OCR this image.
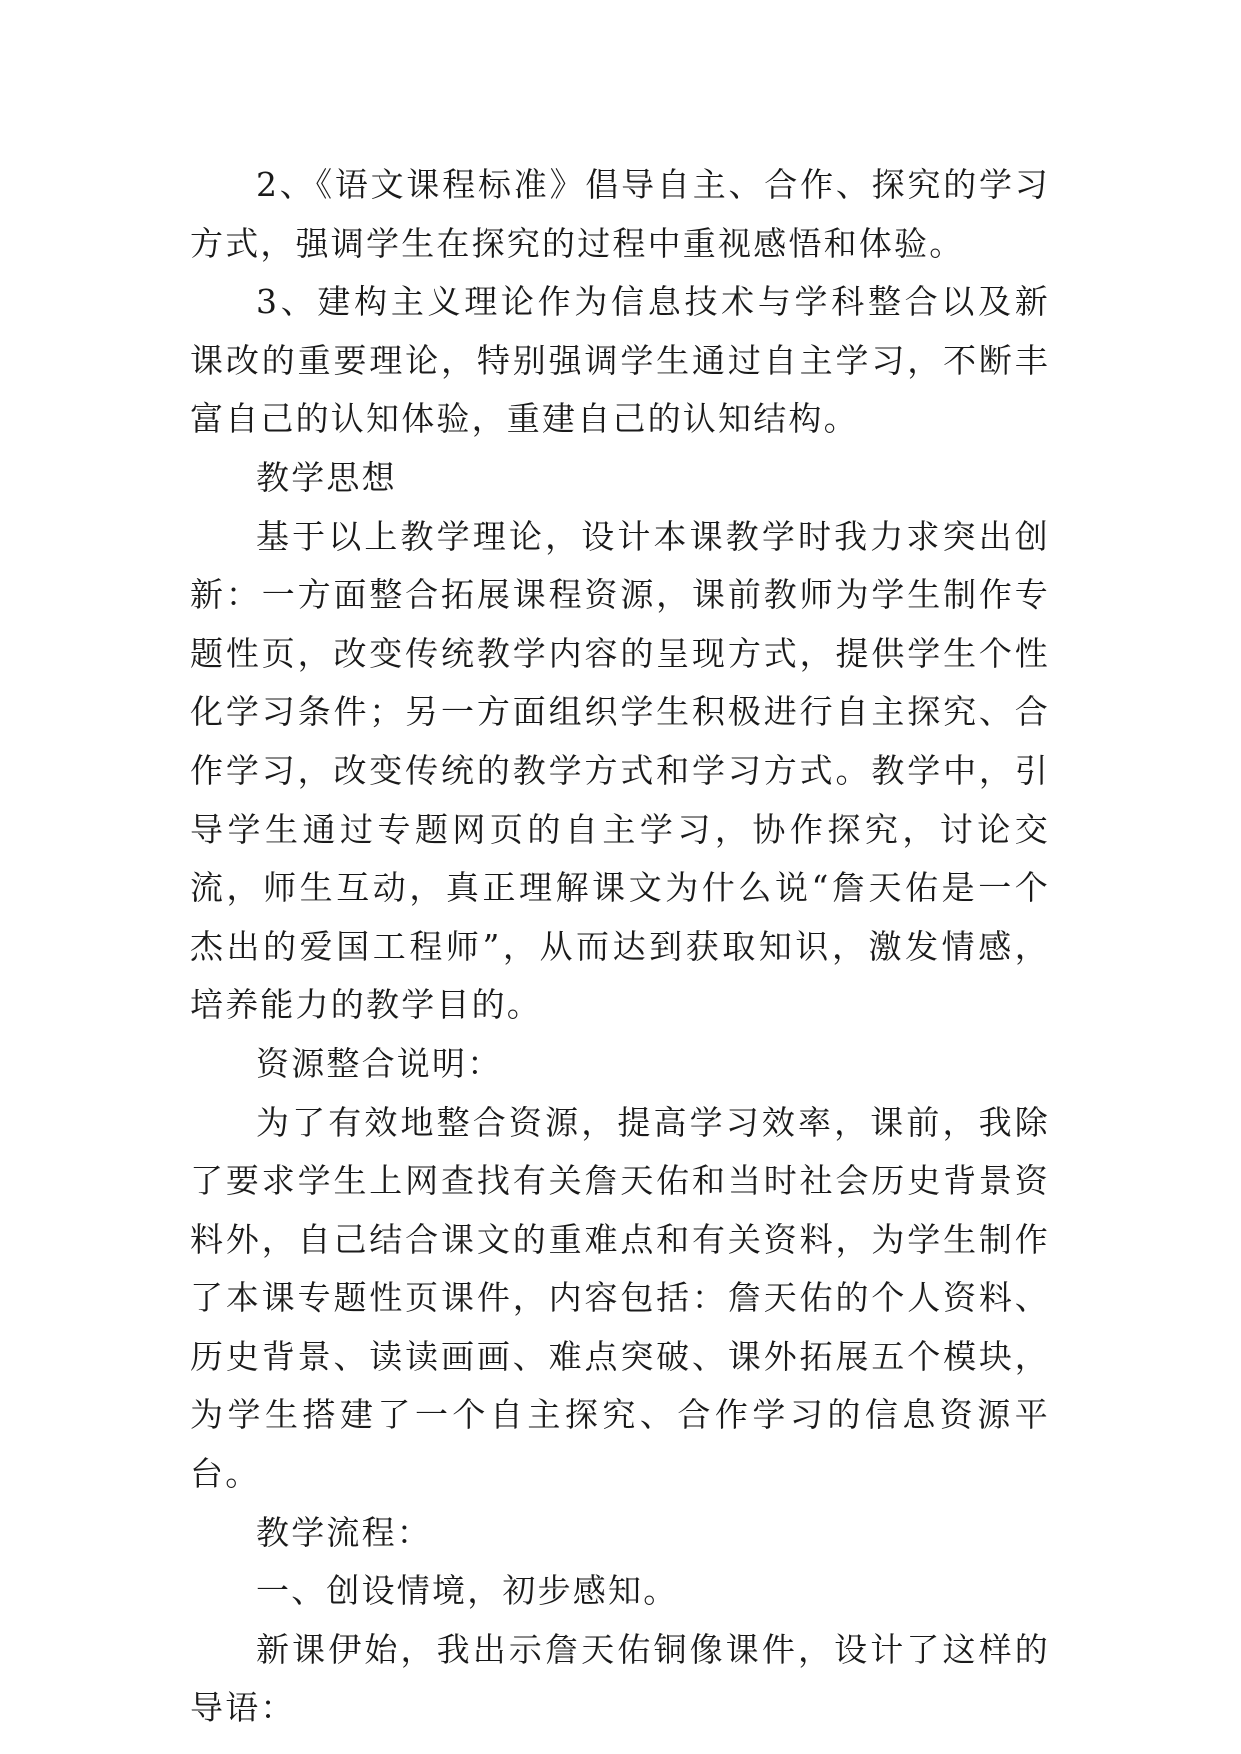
2、《语文课程标准》倡导自主、合作、探究的学习方式，强调学生在探究的过程中重视感悟和体验。

3、建构主义理论作为信息技术与学科整合以及新课改的重要理论，特别强调学生通过自主学习，不断丰富自己的认知体验，重建自己的认知结构。

教学思想

基于以上教学理论，设计本课教学时我力求突出创新：一方面整合拓展课程资源，课前教师为学生制作专题性页，改变传统教学内容的呈现方式，提供学生个性化学习条件；另一方面组织学生积极进行自主探究、合作学习，改变传统的教学方式和学习方式。教学中，引导学生通过专题网页的自主学习，协作探究，讨论交流，师生互动，真正理解课文为什么说“詹天佑是一个杰出的爱国工程师”，从而达到获取知识，激发情感，培养能力的教学目的。

资源整合说明：

为了有效地整合资源，提高学习效率，课前，我除了要求学生上网查找有关詹天佑和当时社会历史背景资料外，自己结合课文的重难点和有关资料，为学生制作了本课专题性页课件，内容包括：詹天佑的个人资料、历史背景、读读画画、难点突破、课外拓展五个模块，为学生搭建了一个自主探究、合作学习的信息资源平台。

教学流程：

一、创设情境，初步感知。

新课伊始，我出示詹天佑铜像课件，设计了这样的导语：
